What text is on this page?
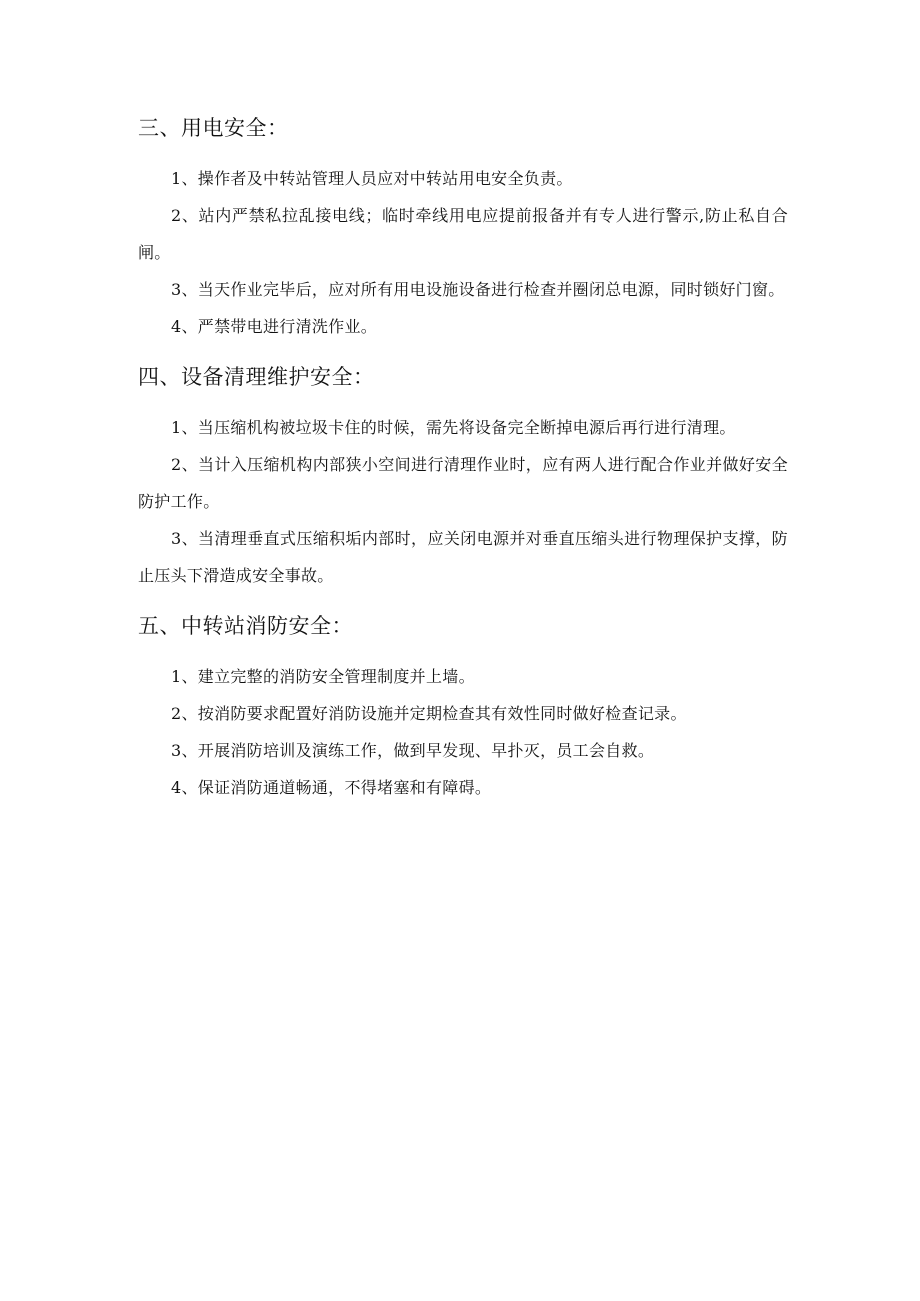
三、用电安全：

1、操作者及中转站管理人员应对中转站用电安全负责。

2、站内严禁私拉乱接电线；临时牵线用电应提前报备并有专人进行警示,防止私自合闸。

3、当天作业完毕后，应对所有用电设施设备进行检查并圈闭总电源，同时锁好门窗。

4、严禁带电进行清洗作业。

四、设备清理维护安全：

1、当压缩机构被垃圾卡住的时候，需先将设备完全断掉电源后再行进行清理。

2、当计入压缩机构内部狭小空间进行清理作业时，应有两人进行配合作业并做好安全防护工作。

3、当清理垂直式压缩积垢内部时，应关闭电源并对垂直压缩头进行物理保护支撑，防止压头下滑造成安全事故。

五、中转站消防安全：

1、建立完整的消防安全管理制度并上墙。

2、按消防要求配置好消防设施并定期检查其有效性同时做好检查记录。

3、开展消防培训及演练工作，做到早发现、早扑灭，员工会自救。

4、保证消防通道畅通，不得堵塞和有障碍。
